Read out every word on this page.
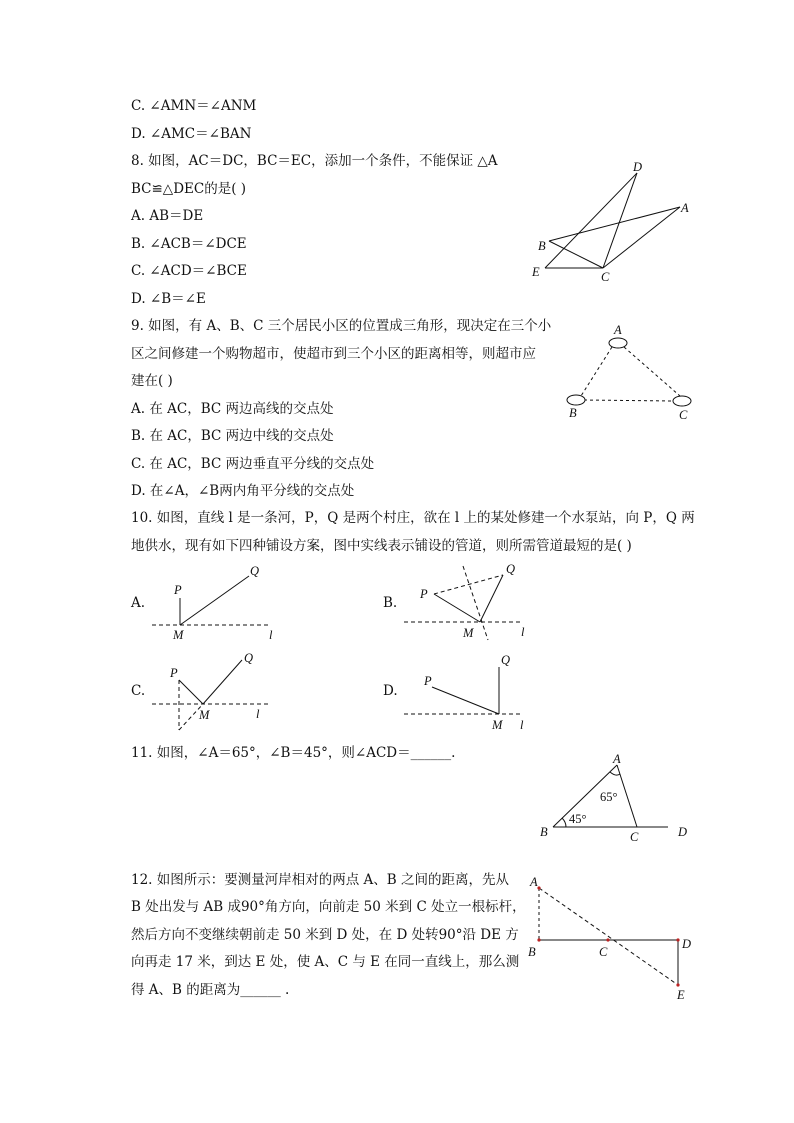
C. ∠AMN＝∠ANM
D. ∠AMC＝∠BAN
8. 如图，AC＝DC，BC＝EC，添加一个条件，不能保证 △A
BC≌△DEC的是( )
A. AB＝DE
B. ∠ACB＝∠DCE
C. ∠ACD＝∠BCE
D. ∠B＝∠E
D
A
B
E	C
9. 如图，有 A、B、C 三个居民小区的位置成三角形，现决定在三个小
区之间修建一个购物超市，使超市到三个小区的距离相等，则超市应
建在( )
A. 在 AC，BC 两边高线的交点处
B. 在 AC，BC 两边中线的交点处
C. 在 AC，BC 两边垂直平分线的交点处
D. 在∠A，∠B两内角平分线的交点处
A
B	C
10. 如图，直线 l 是一条河，P，Q 是两个村庄，欲在 l 上的某处修建一个水泵站，向 P，Q 两
地供水，现有如下四种铺设方案，图中实线表示铺设的管道，则所需管道最短的是( )
A.	B.
C.	D.
P
Q
M	l
P
Q
M	l
P
Q
M	l
P
Q
M l
11. 如图，∠A＝65°，∠B＝45°，则∠ACD＝______.	A
B	C	D
65°
45°
12. 如图所示：要测量河岸相对的两点 A、B 之间的距离，先从
B 处出发与 AB 成90°角方向，向前走 50 米到 C 处立一根标杆，
然后方向不变继续朝前走 50 米到 D 处，在 D 处转90°沿 DE 方
向再走 17 米，到达 E 处，使 A、C 与 E 在同一直线上，那么测
得 A、B 的距离为______ .
A
B	C
D
E
